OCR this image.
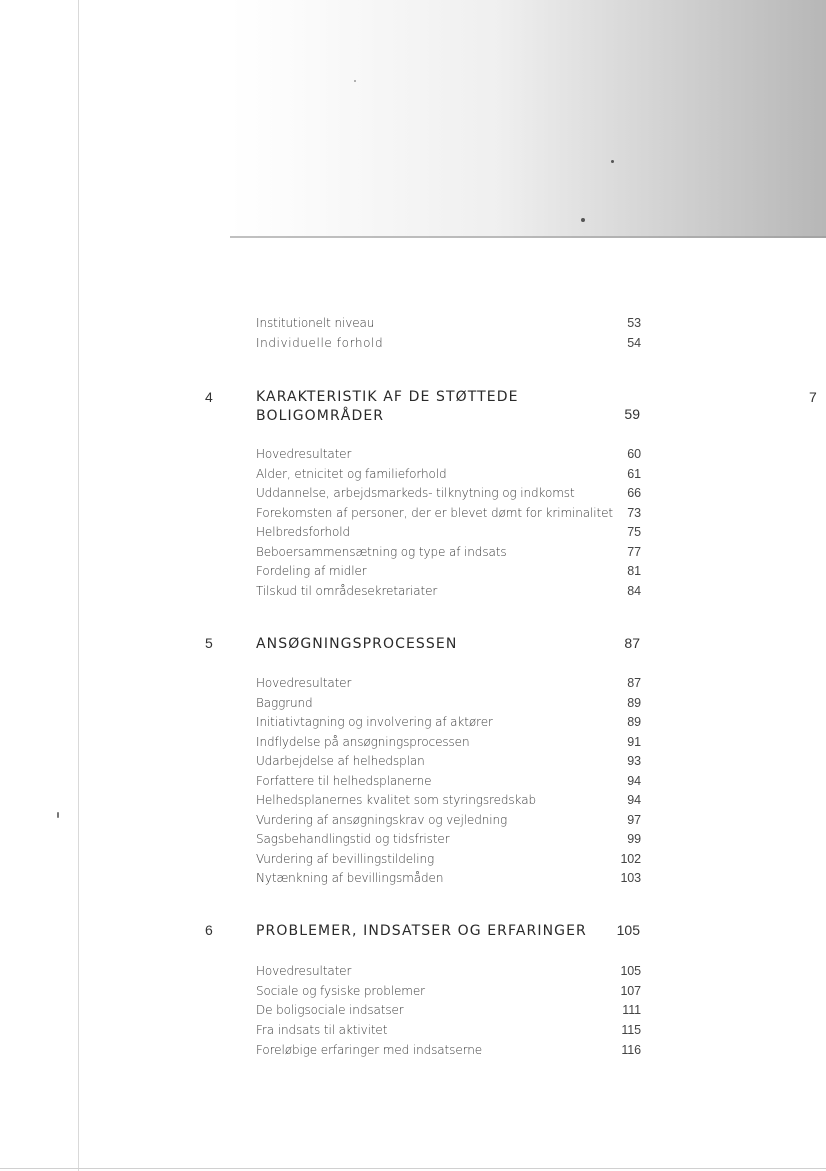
7
Institutionelt niveau	53
Individuelle forhold	54
4	KARAKTERISTIK AF DE STØTTEDE
BOLIGOMRÅDER	59
Hovedresultater	60
Alder, etnicitet og familieforhold	61
Uddannelse, arbejdsmarkeds- tilknytning og indkomst	66
Forekomsten af personer, der er blevet dømt for kriminalitet 73
Helbredsforhold	75
Beboersammensætning og type af indsats	77
Fordeling af midler	81
Tilskud til områdesekretariater	84
5	ANSØGNINGSPROCESSEN	87
Hovedresultater	87
Baggrund	89
Initiativtagning og involvering af aktører	89
Indflydelse på ansøgningsprocessen	91
Udarbejdelse af helhedsplan	93
Forfattere til helhedsplanerne	94
Helhedsplanernes kvalitet som styringsredskab	94
Vurdering af ansøgningskrav og vejledning	97
Sagsbehandlingstid og tidsfrister	99
Vurdering af bevillingstildeling	102
Nytænkning af bevillingsmåden	103
6	PROBLEMER, INDSATSER OG ERFARINGER 105
Hovedresultater	105
Sociale og fysiske problemer	107
De boligsociale indsatser	111
Fra indsats til aktivitet	115
Foreløbige erfaringer med indsatserne	116
